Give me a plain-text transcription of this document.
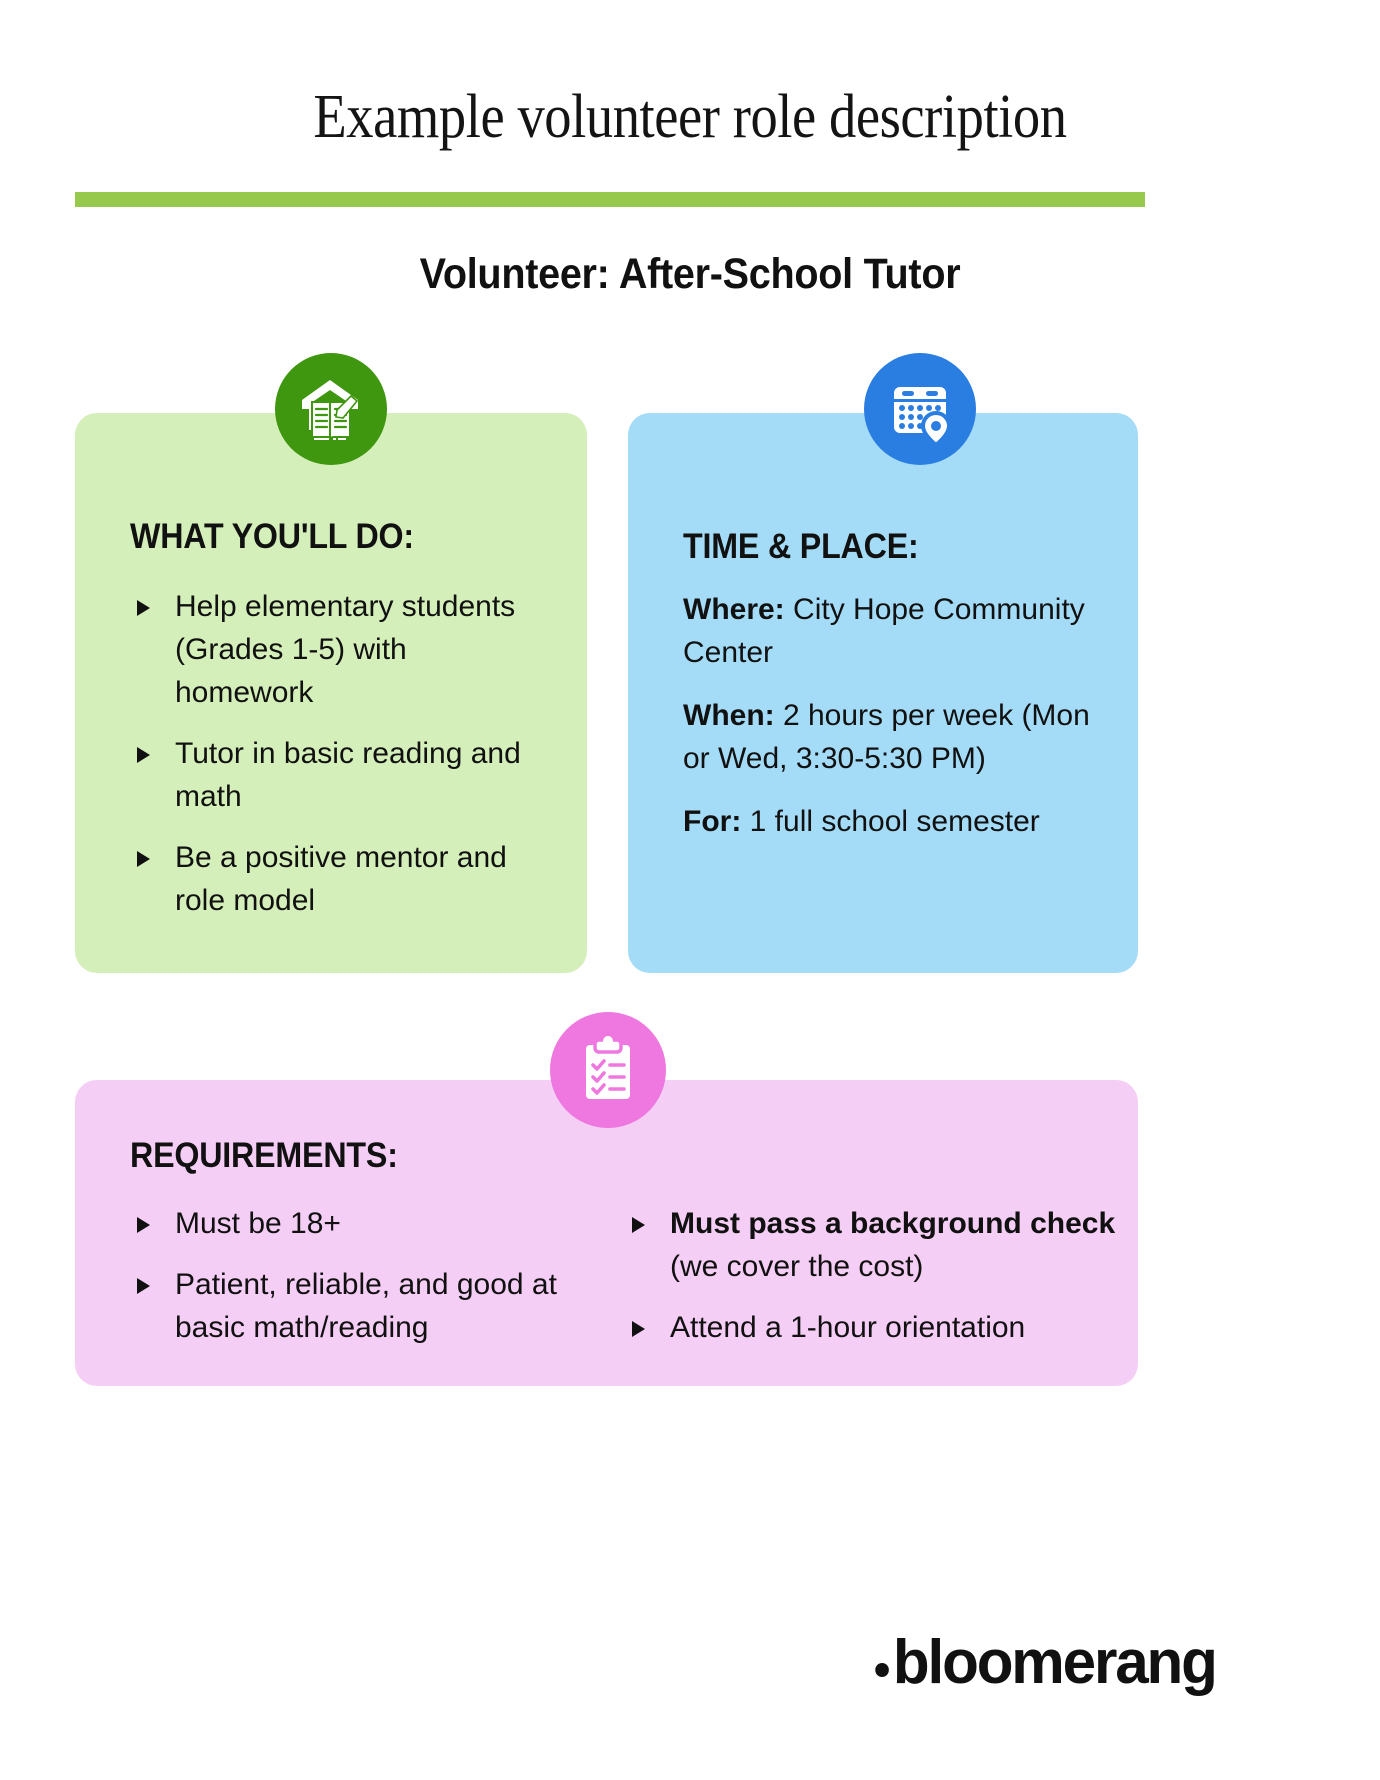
Example volunteer role description
Volunteer: After-School Tutor
WHAT YOU'LL DO:
Help elementary students (Grades 1-5) with homework
Tutor in basic reading and math
Be a positive mentor and role model
TIME & PLACE:

Where: City Hope Community Center

When: 2 hours per week (Mon or Wed, 3:30-5:30 PM)

For: 1 full school semester

REQUIREMENTS:
Must be 18+
Patient, reliable, and good at basic math/reading
Must pass a background check (we cover the cost)
Attend a 1-hour orientation
bloomerang
